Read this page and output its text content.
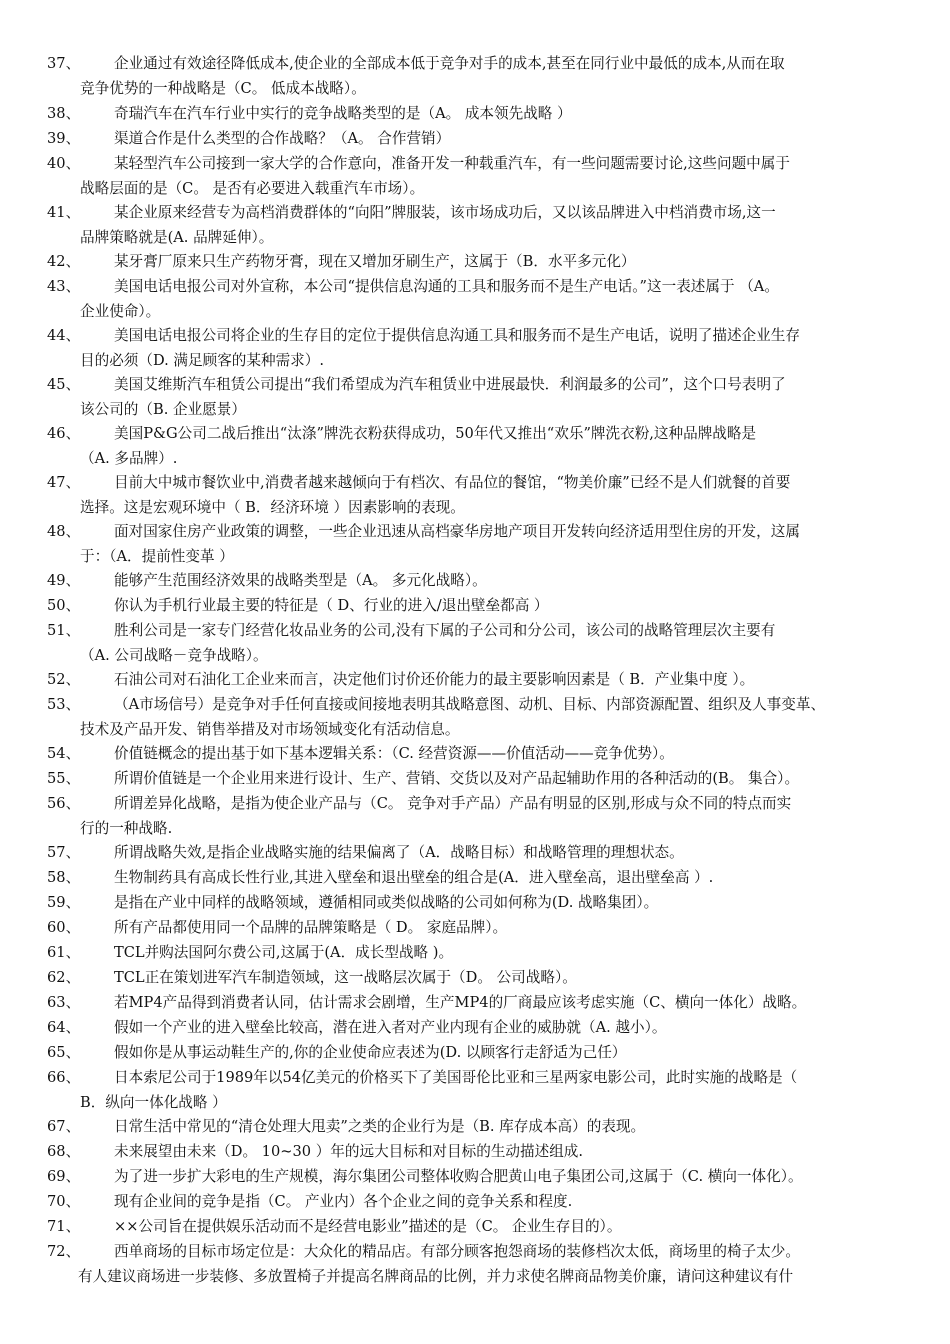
37、	企业通过有效途径降低成本,使企业的全部成本低于竞争对手的成本,甚至在同行业中最低的成本,从而在取
竞争优势的一种战略是（C。 低成本战略）。
38、	奇瑞汽车在汽车行业中实行的竞争战略类型的是（A。 成本领先战略 ）
39、	渠道合作是什么类型的合作战略？（A。 合作营销）
40、	某轻型汽车公司接到一家大学的合作意向，准备开发一种载重汽车，有一些问题需要讨论,这些问题中属于
战略层面的是（C。 是否有必要进入载重汽车市场）。
41、	某企业原来经营专为高档消费群体的“向阳”牌服装，该市场成功后，又以该品牌进入中档消费市场,这一
品牌策略就是(A. 品牌延伸）。
42、	某牙膏厂原来只生产药物牙膏，现在又增加牙刷生产，这属于（B．水平多元化）
43、	美国电话电报公司对外宣称，本公司“提供信息沟通的工具和服务而不是生产电话。”这一表述属于 （A。
企业使命）。
44、	美国电话电报公司将企业的生存目的定位于提供信息沟通工具和服务而不是生产电话，说明了描述企业生存
目的必须（D. 满足顾客的某种需求）.
45、	美国艾维斯汽车租赁公司提出“我们希望成为汽车租赁业中进展最快．利润最多的公司”，这个口号表明了
该公司的（B. 企业愿景）
46、	美国P&G公司二战后推出“汰涤”牌洗衣粉获得成功，50年代又推出“欢乐”牌洗衣粉,这种品牌战略是
（A. 多品牌）.
47、	目前大中城市餐饮业中,消费者越来越倾向于有档次、有品位的餐馆，“物美价廉”已经不是人们就餐的首要
选择。这是宏观环境中（ B．经济环境 ）因素影响的表现。
48、	面对国家住房产业政策的调整，一些企业迅速从高档豪华房地产项目开发转向经济适用型住房的开发，这属
于：（A．提前性变革 ）
49、	能够产生范围经济效果的战略类型是（A。 多元化战略）。
50、	你认为手机行业最主要的特征是（ D、行业的进入/退出壁垒都高 ）
51、	胜利公司是一家专门经营化妆品业务的公司,没有下属的子公司和分公司，该公司的战略管理层次主要有
（A. 公司战略－竞争战略）。
52、	石油公司对石油化工企业来而言，决定他们讨价还价能力的最主要影响因素是（ B．产业集中度 ）。
53、	（A市场信号）是竞争对手任何直接或间接地表明其战略意图、动机、目标、内部资源配置、组织及人事变革、
技术及产品开发、销售举措及对市场领域变化有活动信息。
54、	价值链概念的提出基于如下基本逻辑关系：（C. 经营资源——价值活动——竞争优势）。
55、	所谓价值链是一个企业用来进行设计、生产、营销、交货以及对产品起辅助作用的各种活动的(B。 集合）。
56、	所谓差异化战略，是指为使企业产品与（C。 竞争对手产品）产品有明显的区别,形成与众不同的特点而实
行的一种战略.
57、	所谓战略失效,是指企业战略实施的结果偏离了（A．战略目标）和战略管理的理想状态。
58、	生物制药具有高成长性行业,其进入壁垒和退出壁垒的组合是(A．进入壁垒高，退出壁垒高 ）.
59、	是指在产业中同样的战略领域，遵循相同或类似战略的公司如何称为(D. 战略集团）。
60、	所有产品都使用同一个品牌的品牌策略是（ D。 家庭品牌）。
61、	TCL并购法国阿尔费公司,这属于(A．成长型战略 )。
62、	TCL正在策划进军汽车制造领域，这一战略层次属于（D。 公司战略）。
63、	若MP4产品得到消费者认同，估计需求会剧增，生产MP4的厂商最应该考虑实施（C、横向一体化）战略。
64、	假如一个产业的进入壁垒比较高，潜在进入者对产业内现有企业的威胁就（A. 越小）。
65、	假如你是从事运动鞋生产的,你的企业使命应表述为(D. 以顾客行走舒适为己任）
66、	日本索尼公司于1989年以54亿美元的价格买下了美国哥伦比亚和三星两家电影公司，此时实施的战略是（
B．纵向一体化战略 ）
67、	日常生活中常见的“清仓处理大甩卖”之类的企业行为是（B. 库存成本高）的表现。
68、	未来展望由未来（D。 10~30 ）年的远大目标和对目标的生动描述组成.
69、	为了进一步扩大彩电的生产规模，海尔集团公司整体收购合肥黄山电子集团公司,这属于（C. 横向一体化）。
70、	现有企业间的竞争是指（C。 产业内）各个企业之间的竞争关系和程度.
71、	××公司旨在提供娱乐活动而不是经营电影业”描述的是（C。 企业生存目的）。
72、	西单商场的目标市场定位是：大众化的精品店。有部分顾客抱怨商场的装修档次太低，商场里的椅子太少。
有人建议商场进一步装修、多放置椅子并提高名牌商品的比例，并力求使名牌商品物美价廉，请问这种建议有什
